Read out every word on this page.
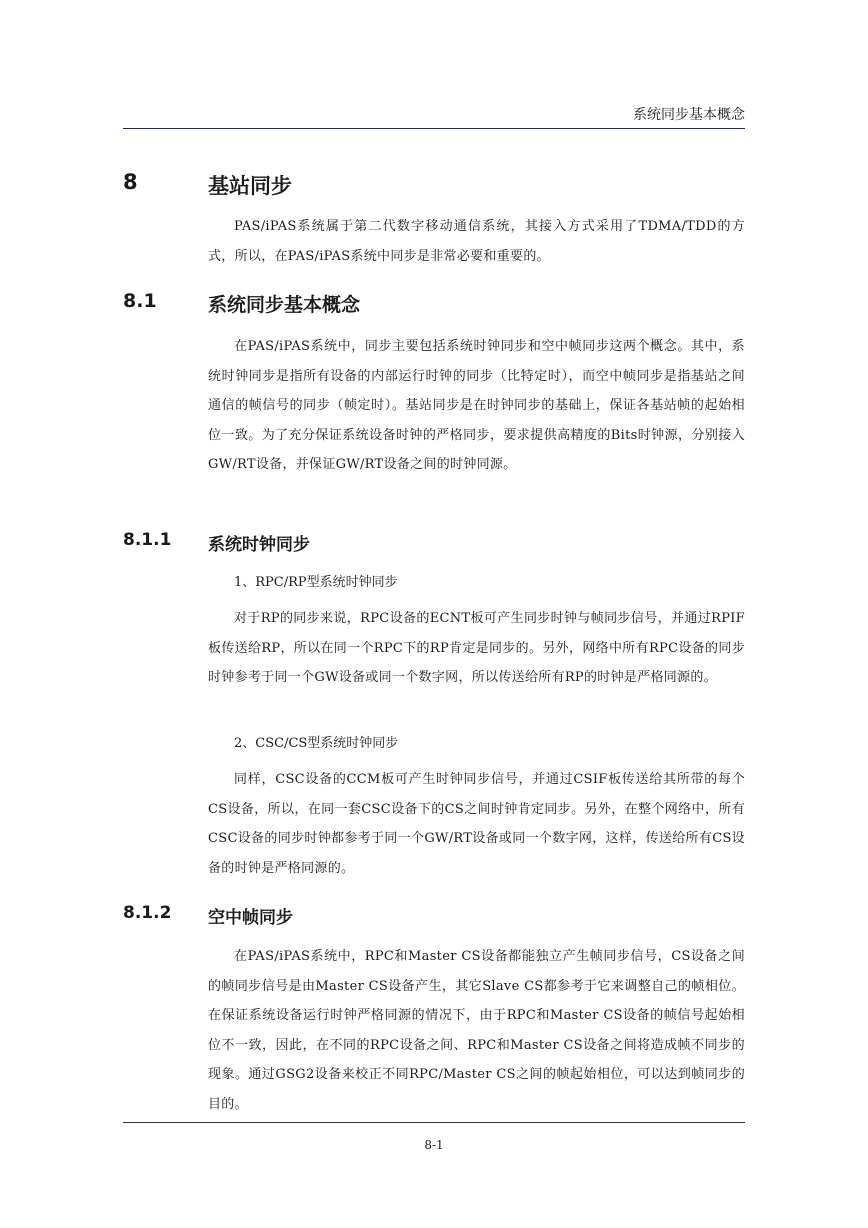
系统同步基本概念
8	基站同步

PAS/iPAS系统属于第二代数字移动通信系统，其接入方式采用了TDMA/TDD的方式，所以，在PAS/iPAS系统中同步是非常必要和重要的。

8.1	系统同步基本概念

在PAS/iPAS系统中，同步主要包括系统时钟同步和空中帧同步这两个概念。其中，系统时钟同步是指所有设备的内部运行时钟的同步（比特定时），而空中帧同步是指基站之间通信的帧信号的同步（帧定时）。基站同步是在时钟同步的基础上，保证各基站帧的起始相位一致。为了充分保证系统设备时钟的严格同步，要求提供高精度的Bits时钟源，分别接入GW/RT设备，并保证GW/RT设备之间的时钟同源。

8.1.1 系统时钟同步

1、RPC/RP型系统时钟同步

对于RP的同步来说，RPC设备的ECNT板可产生同步时钟与帧同步信号，并通过RPIF板传送给RP，所以在同一个RPC下的RP肯定是同步的。另外，网络中所有RPC设备的同步时钟参考于同一个GW设备或同一个数字网，所以传送给所有RP的时钟是严格同源的。

2、CSC/CS型系统时钟同步

同样，CSC设备的CCM板可产生时钟同步信号，并通过CSIF板传送给其所带的每个CS设备，所以，在同一套CSC设备下的CS之间时钟肯定同步。另外，在整个网络中，所有CSC设备的同步时钟都参考于同一个GW/RT设备或同一个数字网，这样，传送给所有CS设备的时钟是严格同源的。

8.1.2 空中帧同步

在PAS/iPAS系统中，RPC和Master CS设备都能独立产生帧同步信号，CS设备之间的帧同步信号是由Master CS设备产生，其它Slave CS都参考于它来调整自己的帧相位。在保证系统设备运行时钟严格同源的情况下，由于RPC和Master CS设备的帧信号起始相位不一致，因此，在不同的RPC设备之间、RPC和Master CS设备之间将造成帧不同步的现象。通过GSG2设备来校正不同RPC/Master CS之间的帧起始相位，可以达到帧同步的目的。

8-1
